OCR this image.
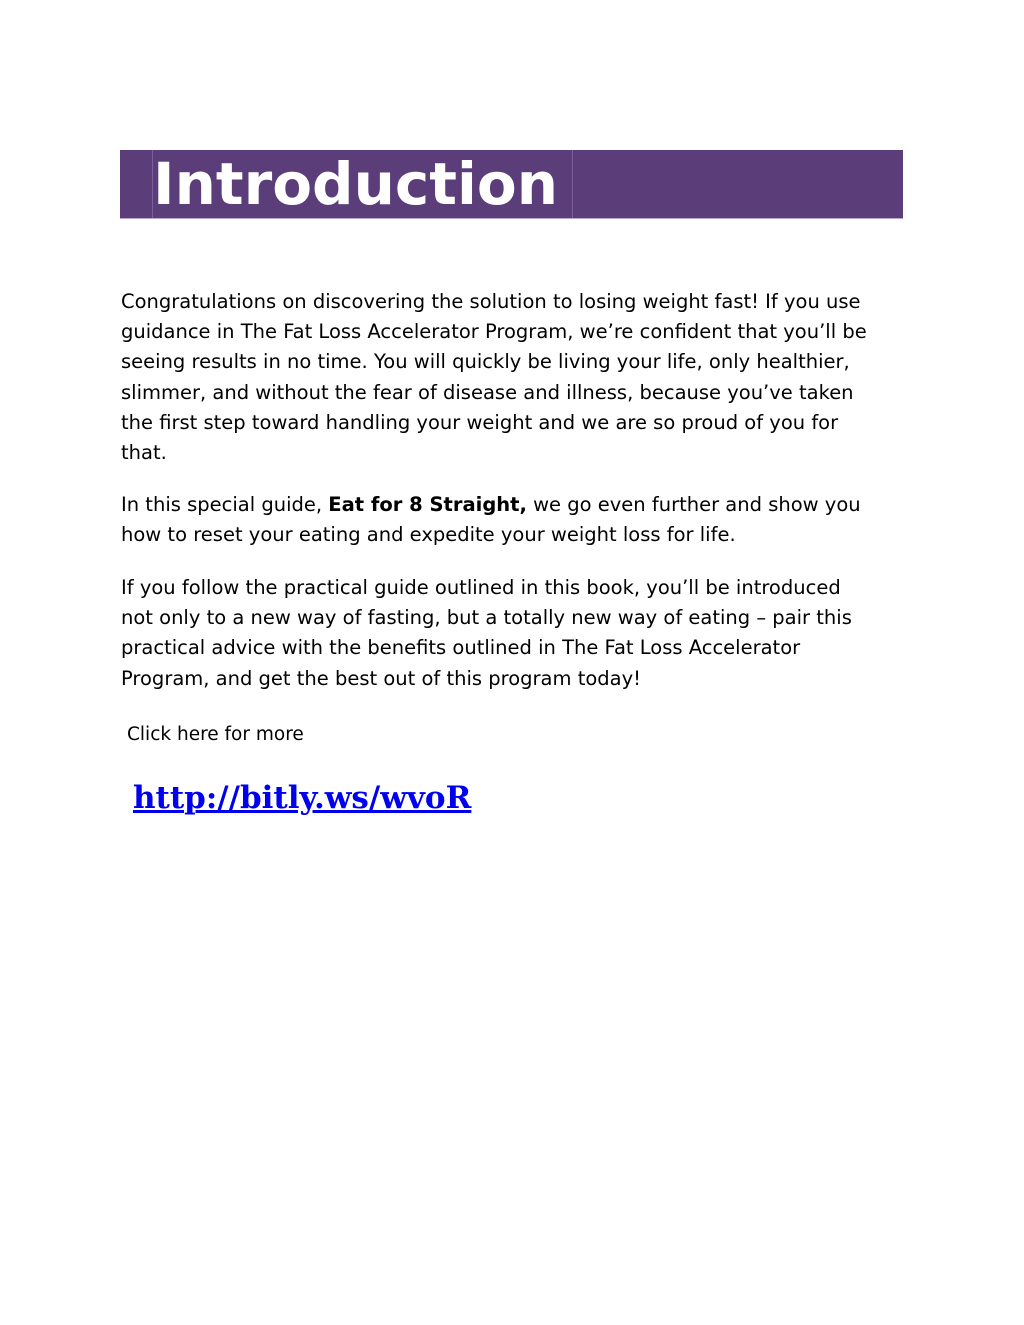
Introduction
Congratulations on discovering the solution to losing weight fast! If you use
guidance in The Fat Loss Accelerator Program, we’re confident that you’ll be
seeing results in no time. You will quickly be living your life, only healthier,
slimmer, and without the fear of disease and illness, because you’ve taken
the first step toward handling your weight and we are so proud of you for
that.
In this special guide, Eat for 8 Straight, we go even further and show you
how to reset your eating and expedite your weight loss for life.
If you follow the practical guide outlined in this book, you’ll be introduced
not only to a new way of fasting, but a totally new way of eating – pair this
practical advice with the benefits outlined in The Fat Loss Accelerator
Program, and get the best out of this program today!
Click here for more
http://bitly.ws/wvoR
